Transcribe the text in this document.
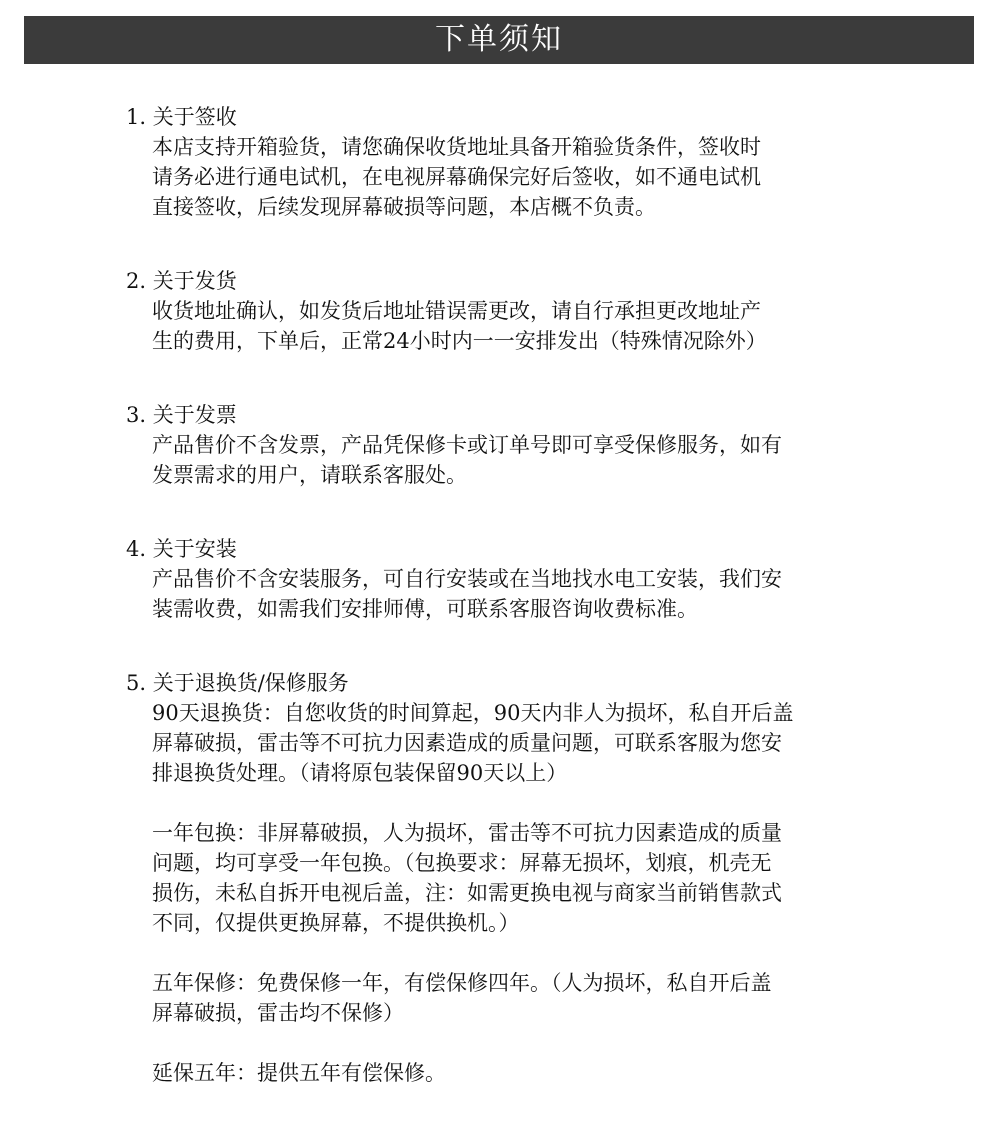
下单须知
1. 关于签收
本店支持开箱验货，请您确保收货地址具备开箱验货条件，签收时
请务必进行通电试机，在电视屏幕确保完好后签收，如不通电试机
直接签收，后续发现屏幕破损等问题，本店概不负责。
2. 关于发货
收货地址确认，如发货后地址错误需更改，请自行承担更改地址产
生的费用，下单后，正常24小时内一一安排发出（特殊情况除外）
3. 关于发票
产品售价不含发票，产品凭保修卡或订单号即可享受保修服务，如有
发票需求的用户，请联系客服处。
4. 关于安装
产品售价不含安装服务，可自行安装或在当地找水电工安装，我们安
装需收费，如需我们安排师傅，可联系客服咨询收费标准。
5. 关于退换货/保修服务
90天退换货：自您收货的时间算起，90天内非人为损坏，私自开后盖
屏幕破损，雷击等不可抗力因素造成的质量问题，可联系客服为您安
排退换货处理。（请将原包装保留90天以上）
一年包换：非屏幕破损，人为损坏，雷击等不可抗力因素造成的质量
问题，均可享受一年包换。（包换要求：屏幕无损坏，划痕，机壳无
损伤，未私自拆开电视后盖，注：如需更换电视与商家当前销售款式
不同，仅提供更换屏幕，不提供换机。）
五年保修：免费保修一年，有偿保修四年。（人为损坏，私自开后盖
屏幕破损，雷击均不保修）
延保五年：提供五年有偿保修。
